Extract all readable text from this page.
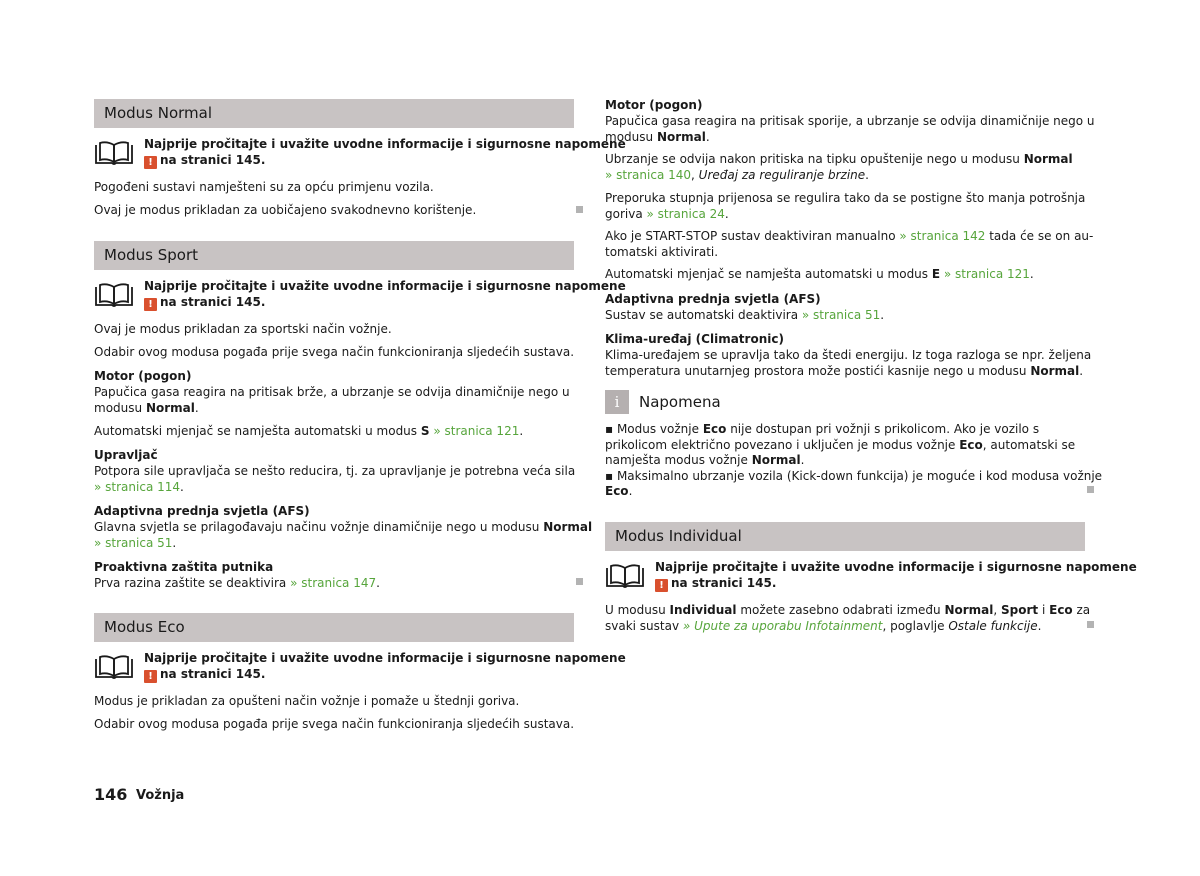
Modus Normal
Najprije pročitajte i uvažite uvodne informacije i sigurnosne napomene
! na stranici 145.
Pogođeni sustavi namješteni su za opću primjenu vozila.
Ovaj je modus prikladan za uobičajeno svakodnevno korištenje.
Modus Sport
Najprije pročitajte i uvažite uvodne informacije i sigurnosne napomene
! na stranici 145.
Ovaj je modus prikladan za sportski način vožnje.
Odabir ovog modusa pogađa prije svega način funkcioniranja sljedećih sustava.
Motor (pogon)
Papučica gasa reagira na pritisak brže, a ubrzanje se odvija dinamičnije nego u
modusu Normal.
Automatski mjenjač se namješta automatski u modus S » stranica 121.
Upravljač
Potpora sile upravljača se nešto reducira, tj. za upravljanje je potrebna veća sila
» stranica 114.
Adaptivna prednja svjetla (AFS)
Glavna svjetla se prilagođavaju načinu vožnje dinamičnije nego u modusu Normal
» stranica 51.
Proaktivna zaštita putnika
Prva razina zaštite se deaktivira » stranica 147.
Modus Eco
Najprije pročitajte i uvažite uvodne informacije i sigurnosne napomene
! na stranici 145.
Modus je prikladan za opušteni način vožnje i pomaže u štednji goriva.
Odabir ovog modusa pogađa prije svega način funkcioniranja sljedećih sustava.
Motor (pogon)
Papučica gasa reagira na pritisak sporije, a ubrzanje se odvija dinamičnije nego u
modusu Normal.
Ubrzanje se odvija nakon pritiska na tipku opuštenije nego u modusu Normal
» stranica 140, Uređaj za reguliranje brzine.
Preporuka stupnja prijenosa se regulira tako da se postigne što manja potrošnja
goriva » stranica 24.
Ako je START-STOP sustav deaktiviran manualno » stranica 142 tada će se on au-
tomatski aktivirati.
Automatski mjenjač se namješta automatski u modus E » stranica 121.
Adaptivna prednja svjetla (AFS)
Sustav se automatski deaktivira » stranica 51.
Klima-uređaj (Climatronic)
Klima-uređajem se upravlja tako da štedi energiju. Iz toga razloga se npr. željena
temperatura unutarnjeg prostora može postići kasnije nego u modusu Normal.
i	Napomena
▪ Modus vožnje Eco nije dostupan pri vožnji s prikolicom. Ako je vozilo s
prikolicom električno povezano i uključen je modus vožnje Eco, automatski se
namješta modus vožnje Normal.
▪ Maksimalno ubrzanje vozila (Kick-down funkcija) je moguće i kod modusa vožnje
Eco.
Modus Individual
Najprije pročitajte i uvažite uvodne informacije i sigurnosne napomene
! na stranici 145.
U modusu Individual možete zasebno odabrati između Normal, Sport i Eco za
svaki sustav » Upute za uporabu Infotainment, poglavlje Ostale funkcije.
146 Vožnja
